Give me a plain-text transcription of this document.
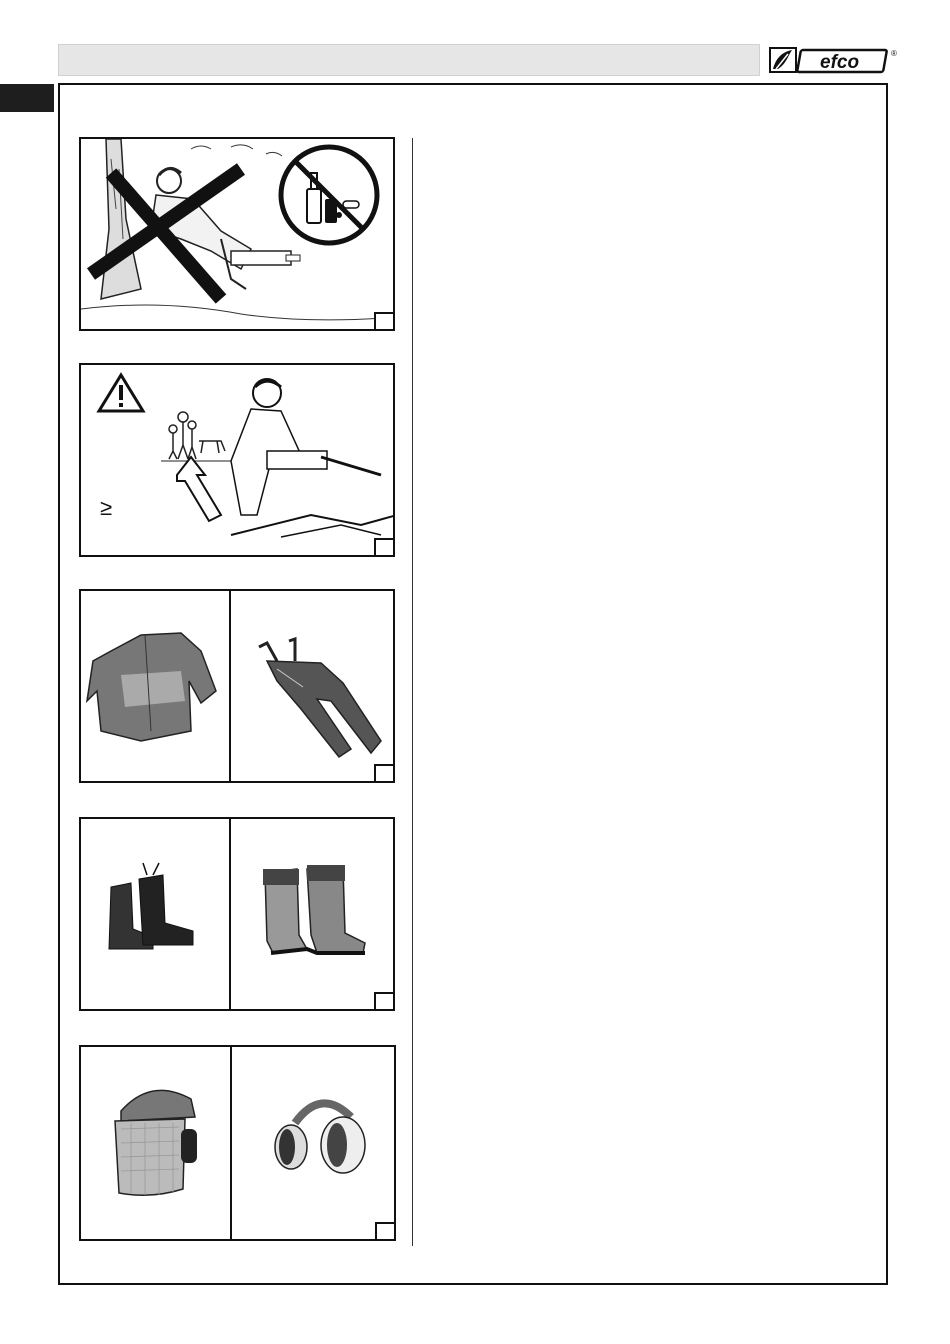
efco	®
≥
